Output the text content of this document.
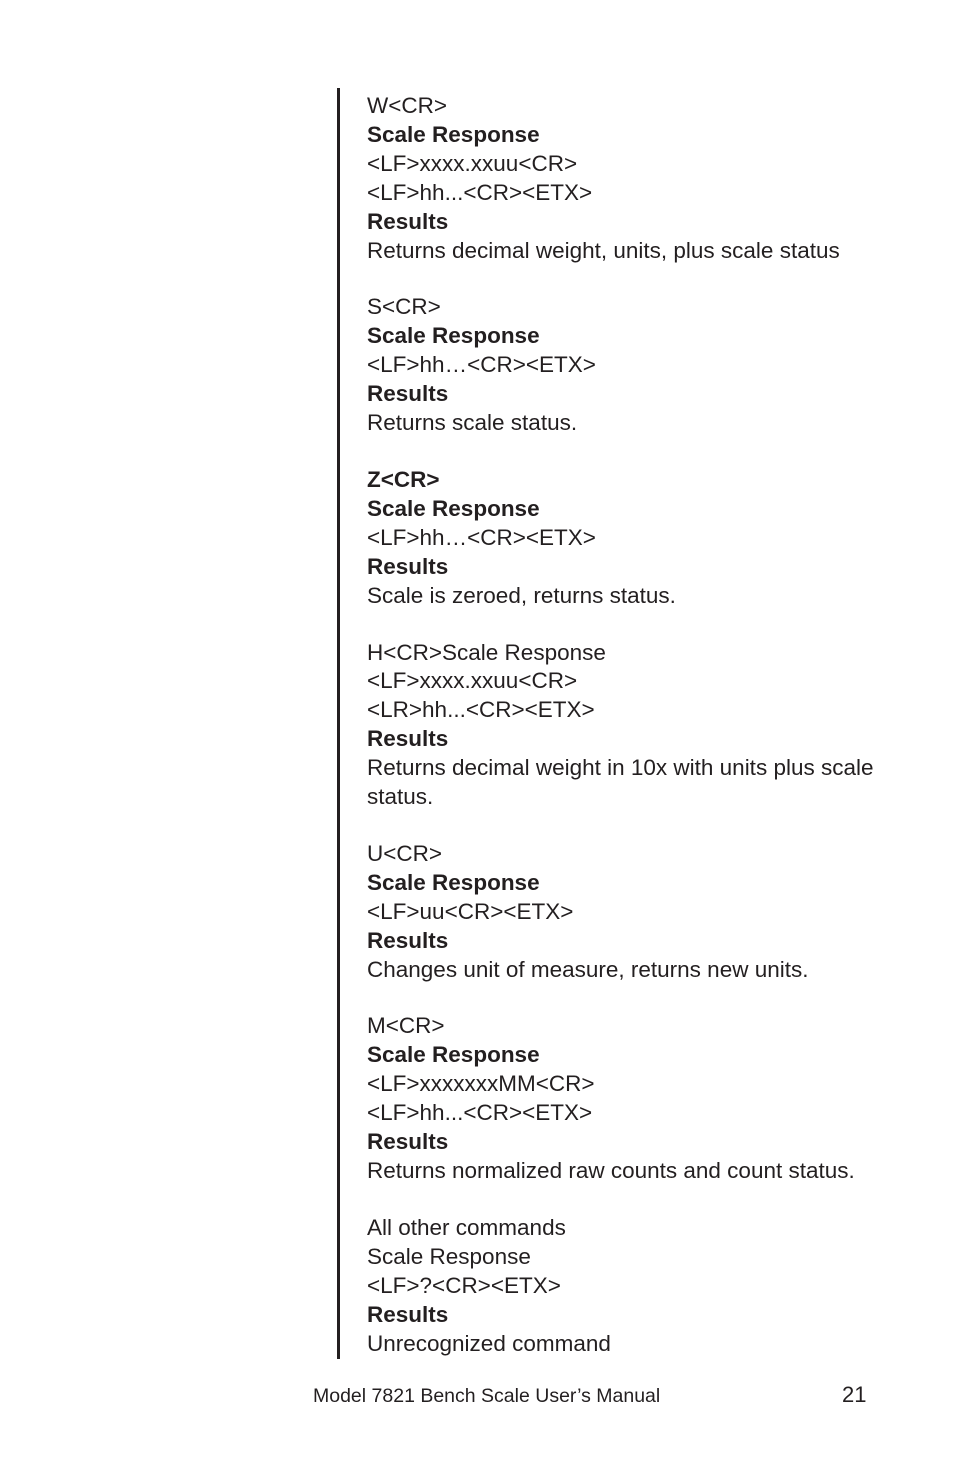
W<CR>
Scale Response
<LF>xxxx.xxuu<CR>
<LF>hh...<CR><ETX>
Results
Returns decimal weight, units, plus scale status
S<CR>
Scale Response
<LF>hh…<CR><ETX>
Results
Returns scale status.
Z<CR>
Scale Response
<LF>hh…<CR><ETX>
Results
Scale is zeroed, returns status.
H<CR>Scale Response
<LF>xxxx.xxuu<CR>
<LR>hh...<CR><ETX>
Results
Returns decimal weight in 10x with units plus scale status.
U<CR>
Scale Response
<LF>uu<CR><ETX>
Results
Changes unit of measure, returns new units.
M<CR>
Scale Response
<LF>xxxxxxxMM<CR>
<LF>hh...<CR><ETX>
Results
Returns normalized raw counts and count status.
All other commands
Scale Response
<LF>?<CR><ETX>
Results
Unrecognized command
Model 7821 Bench Scale User’s Manual	21
